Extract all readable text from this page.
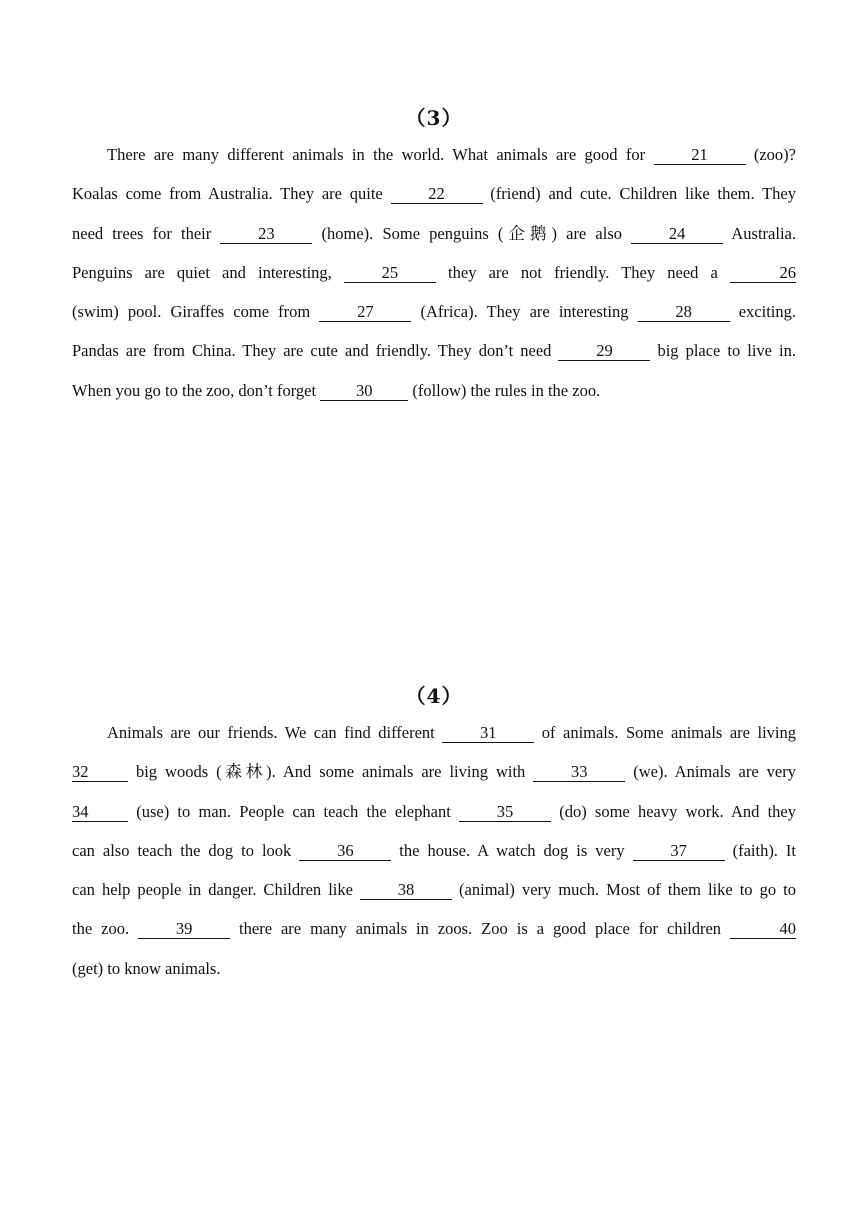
（3）
There are many different animals in the world. What animals are good for 21 (zoo)?
Koalas come from Australia. They are quite 22 (friend) and cute. Children like them. They
need trees for their 23 (home). Some penguins (企鹅) are also 24 Australia.
Penguins are quiet and interesting, 25 they are not friendly. They need a	26
(swim) pool. Giraffes come from 27 (Africa). They are interesting 28 exciting.
Pandas are from China. They are cute and friendly. They don’t need 29 big place to live in.
When you go to the zoo, don’t forget 30 (follow) the rules in the zoo.
（4）
Animals are our friends. We can find different 31 of animals. Some animals are living
32 big woods (森林). And some animals are living with 33 (we). Animals are very
34 (use) to man. People can teach the elephant 35 (do) some heavy work. And they
can also teach the dog to look 36 the house. A watch dog is very 37 (faith). It
can help people in danger. Children like 38 (animal) very much. Most of them like to go to
the zoo. 39 there are many animals in zoos. Zoo is a good place for children	40
(get) to know animals.
